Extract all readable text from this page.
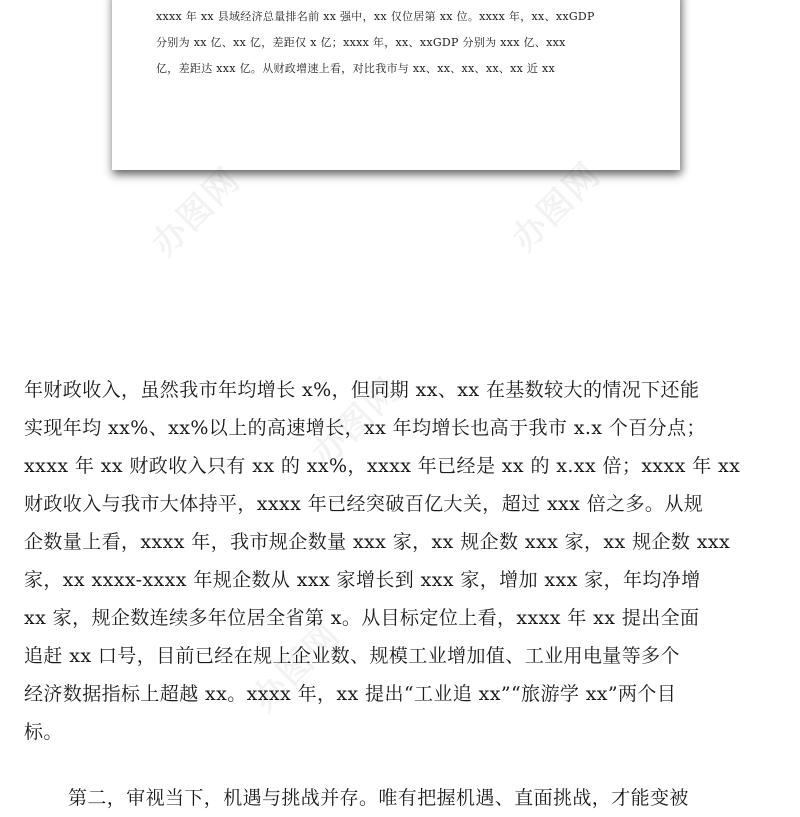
xxxx 年 xx 县域经济总量排名前 xx 强中，xx 仅位居第 xx 位。xxxx 年，xx、xxGDP
分别为 xx 亿、xx 亿，差距仅 x 亿；xxxx 年，xx、xxGDP 分别为 xxx 亿、xxx
亿，差距达 xxx 亿。从财政增速上看，对比我市与 xx、xx、xx、xx、xx 近 xx
办图网	办图网
办图网
办图网
年财政收入，虽然我市年均增长 x%，但同期 xx、xx 在基数较大的情况下还能
实现年均 xx%、xx%以上的高速增长，xx 年均增长也高于我市 x.x 个百分点；
xxxx 年 xx 财政收入只有 xx 的 xx%，xxxx 年已经是 xx 的 x.xx 倍；xxxx 年 xx
财政收入与我市大体持平，xxxx 年已经突破百亿大关，超过 xxx 倍之多。从规
企数量上看，xxxx 年，我市规企数量 xxx 家，xx 规企数 xxx 家，xx 规企数 xxx
家，xx xxxx-xxxx 年规企数从 xxx 家增长到 xxx 家，增加 xxx 家，年均净增
xx 家，规企数连续多年位居全省第 x。从目标定位上看，xxxx 年 xx 提出全面
追赶 xx 口号，目前已经在规上企业数、规模工业增加值、工业用电量等多个
经济数据指标上超越 xx。xxxx 年，xx 提出“工业追 xx”“旅游学 xx”两个目
标。
第二，审视当下，机遇与挑战并存。唯有把握机遇、直面挑战，才能变被
